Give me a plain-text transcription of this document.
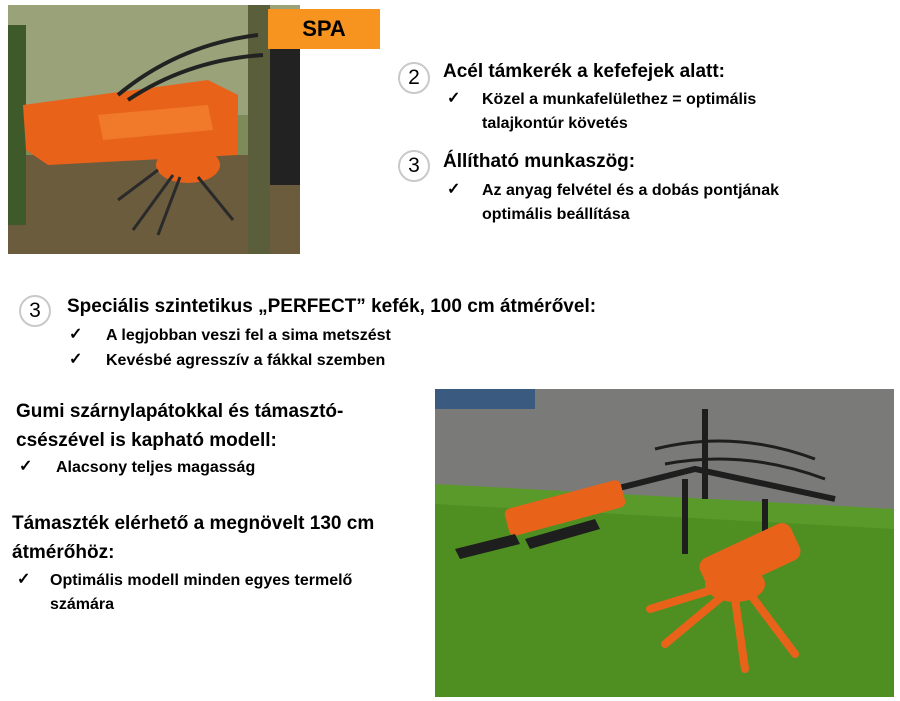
SPA
2	Acél támkerék a kefefejek alatt:
✓ Közel a munkafelülethez = optimális
talajkontúr követés
3	Állítható munkaszög:
✓ Az anyag felvétel és a dobás pontjának
optimális beállítása
3	Speciális szintetikus „PERFECT” kefék, 100 cm átmérővel:
✓ A legjobban veszi fel a sima metszést
✓ Kevésbé agresszív a fákkal szemben
Gumi szárnylapátokkal és támasztó-
csészével is kapható modell:
✓ Alacsony teljes magasság
Támaszték elérhető a megnövelt 130 cm
átmérőhöz:
✓ Optimális modell minden egyes termelő
számára
